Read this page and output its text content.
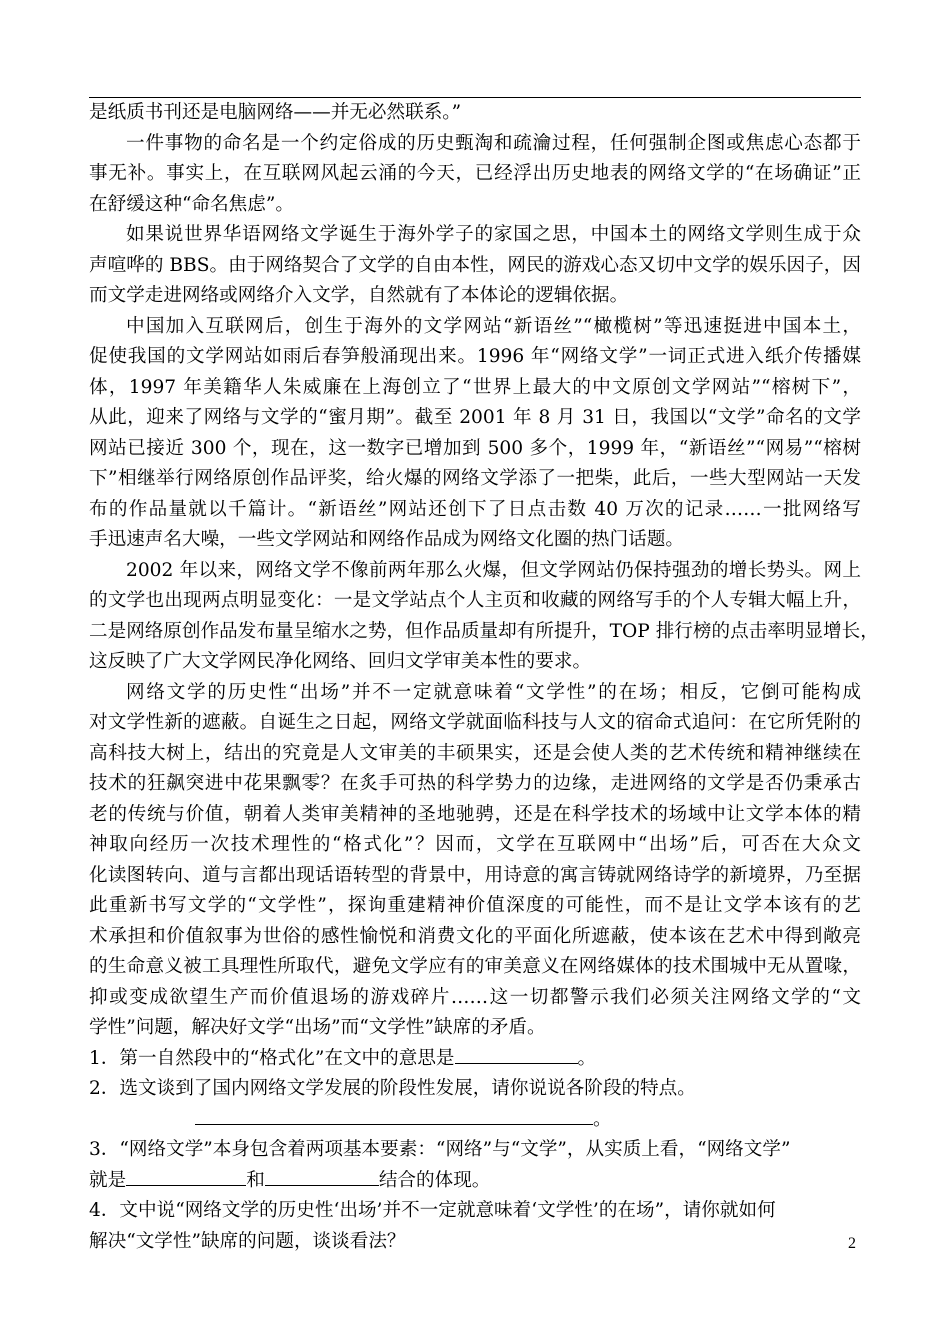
是纸质书刊还是电脑网络——并无必然联系。”
一件事物的命名是一个约定俗成的历史甄淘和疏瀹过程，任何强制企图或焦虑心态都于
事无补。事实上，在互联网风起云涌的今天，已经浮出历史地表的网络文学的“在场确证”正
在舒缓这种“命名焦虑”。
如果说世界华语网络文学诞生于海外学子的家国之思，中国本土的网络文学则生成于众
声喧哗的 BBS。由于网络契合了文学的自由本性，网民的游戏心态又切中文学的娱乐因子，因
而文学走进网络或网络介入文学，自然就有了本体论的逻辑依据。
中国加入互联网后，创生于海外的文学网站“新语丝”“橄榄树”等迅速挺进中国本土，
促使我国的文学网站如雨后春笋般涌现出来。1996 年“网络文学”一词正式进入纸介传播媒
体，1997 年美籍华人朱威廉在上海创立了“世界上最大的中文原创文学网站”“榕树下”，
从此，迎来了网络与文学的“蜜月期”。截至 2001 年 8 月 31 日，我国以“文学”命名的文学
网站已接近 300 个，现在，这一数字已增加到 500 多个，1999 年，“新语丝”“网易”“榕树
下”相继举行网络原创作品评奖，给火爆的网络文学添了一把柴，此后，一些大型网站一天发
布的作品量就以千篇计。“新语丝”网站还创下了日点击数 40 万次的记录……一批网络写
手迅速声名大噪，一些文学网站和网络作品成为网络文化圈的热门话题。
2002 年以来，网络文学不像前两年那么火爆，但文学网站仍保持强劲的增长势头。网上
的文学也出现两点明显变化：一是文学站点个人主页和收藏的网络写手的个人专辑大幅上升，
二是网络原创作品发布量呈缩水之势，但作品质量却有所提升，TOP 排行榜的点击率明显增长，
这反映了广大文学网民净化网络、回归文学审美本性的要求。
网络文学的历史性“出场”并不一定就意味着“文学性”的在场；相反，它倒可能构成
对文学性新的遮蔽。自诞生之日起，网络文学就面临科技与人文的宿命式追问：在它所凭附的
高科技大树上，结出的究竟是人文审美的丰硕果实，还是会使人类的艺术传统和精神继续在
技术的狂飙突进中花果飘零？在炙手可热的科学势力的边缘，走进网络的文学是否仍秉承古
老的传统与价值，朝着人类审美精神的圣地驰骋，还是在科学技术的场域中让文学本体的精
神取向经历一次技术理性的“格式化”？因而，文学在互联网中“出场”后，可否在大众文
化读图转向、道与言都出现话语转型的背景中，用诗意的寓言铸就网络诗学的新境界，乃至据
此重新书写文学的“文学性”，探询重建精神价值深度的可能性，而不是让文学本该有的艺
术承担和价值叙事为世俗的感性愉悦和消费文化的平面化所遮蔽，使本该在艺术中得到敞亮
的生命意义被工具理性所取代，避免文学应有的审美意义在网络媒体的技术围城中无从置喙，
抑或变成欲望生产而价值退场的游戏碎片……这一切都警示我们必须关注网络文学的“文
学性”问题，解决好文学“出场”而“文学性”缺席的矛盾。
1．第一自然段中的“格式化”在文中的意思是	。
2．选文谈到了国内网络文学发展的阶段性发展，请你说说各阶段的特点。
。
3．“网络文学”本身包含着两项基本要素：“网络”与“文学”，从实质上看，“网络文学”
就是	和	结合的体现。
4．文中说“网络文学的历史性‘出场’并不一定就意味着‘文学性’的在场”，请你就如何
解决“文学性”缺席的问题，谈谈看法？	2
